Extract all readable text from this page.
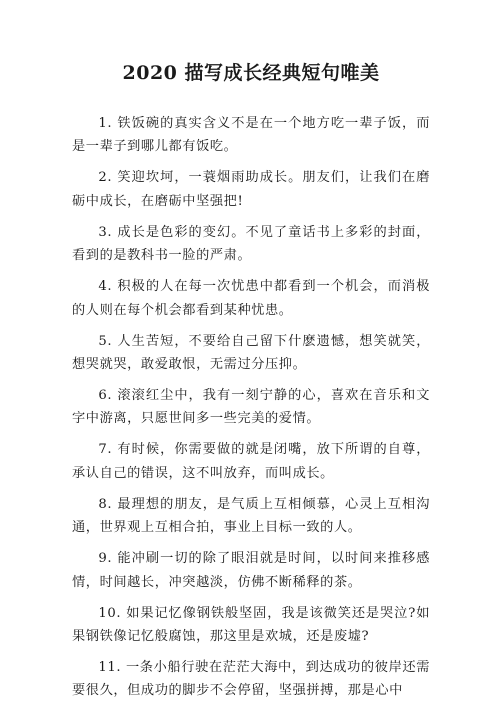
2020 描写成长经典短句唯美

1. 铁饭碗的真实含义不是在一个地方吃一辈子饭，而是一辈子到哪儿都有饭吃。

2. 笑迎坎坷，一蓑烟雨助成长。朋友们，让我们在磨砺中成长，在磨砺中坚强把!

3. 成长是色彩的变幻。不见了童话书上多彩的封面，看到的是教科书一脸的严肃。

4. 积极的人在每一次忧患中都看到一个机会，而消极的人则在每个机会都看到某种忧患。

5. 人生苦短，不要给自己留下什麽遗憾，想笑就笑，想哭就哭，敢爱敢恨，无需过分压抑。

6. 滚滚红尘中，我有一刻宁静的心，喜欢在音乐和文字中游离，只愿世间多一些完美的爱情。

7. 有时候，你需要做的就是闭嘴，放下所谓的自尊，承认自己的错误，这不叫放弃，而叫成长。

8. 最理想的朋友，是气质上互相倾慕，心灵上互相沟通，世界观上互相合拍，事业上目标一致的人。

9. 能冲刷一切的除了眼泪就是时间，以时间来推移感情，时间越长，冲突越淡，仿佛不断稀释的茶。

10. 如果记忆像钢铁般坚固，我是该微笑还是哭泣?如果钢铁像记忆般腐蚀，那这里是欢城，还是废墟?

11. 一条小船行驶在茫茫大海中，到达成功的彼岸还需要很久，但成功的脚步不会停留，坚强拼搏，那是心中
